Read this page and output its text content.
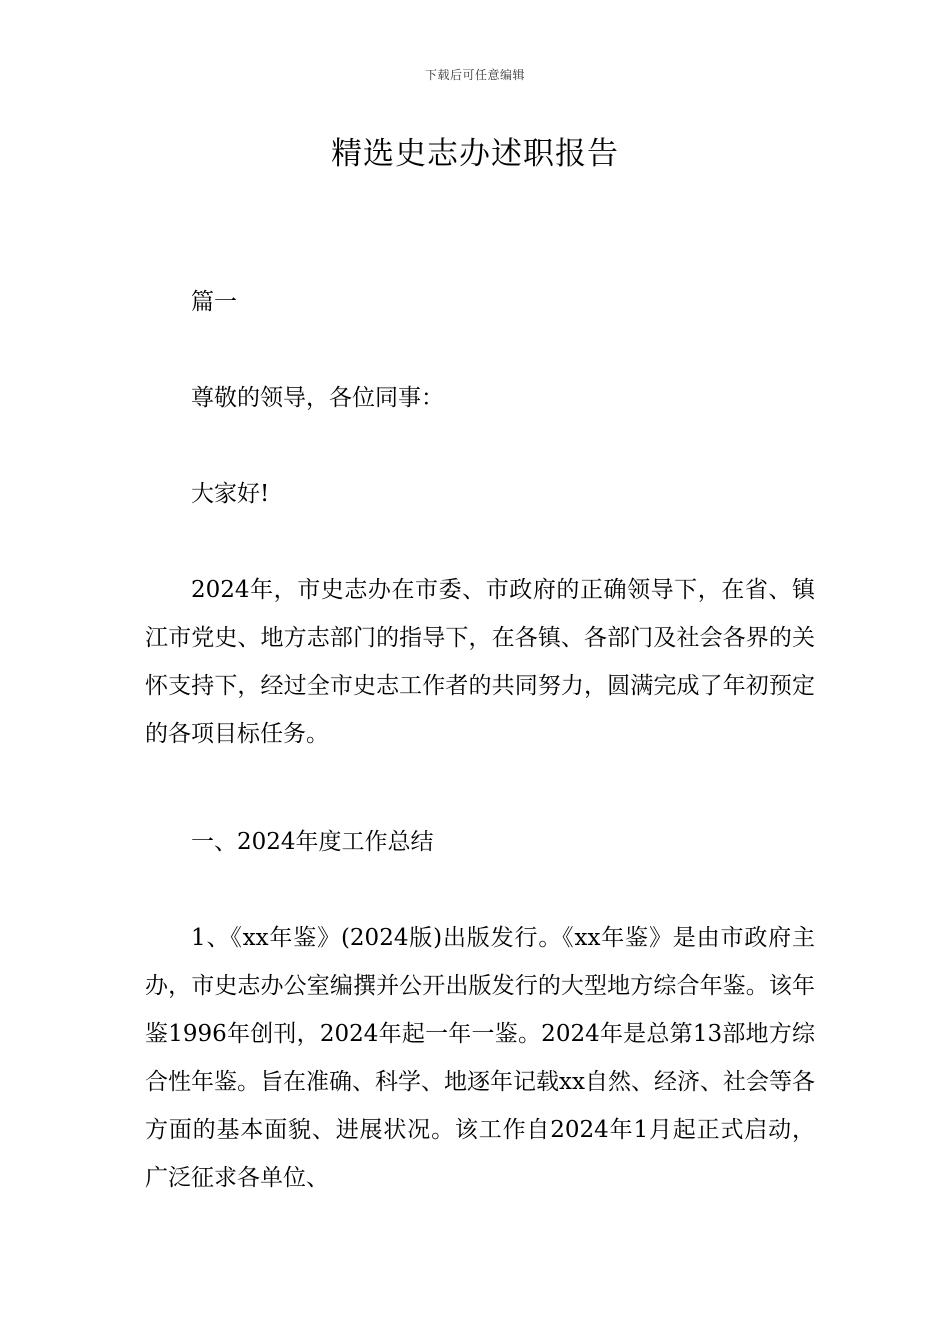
下载后可任意编辑
精选史志办述职报告

篇一

尊敬的领导，各位同事：

大家好!

2024年，市史志办在市委、市政府的正确领导下，在省、镇江市党史、地方志部门的指导下，在各镇、各部门及社会各界的关怀支持下，经过全市史志工作者的共同努力，圆满完成了年初预定的各项目标任务。

一、2024年度工作总结

1、《xx年鉴》(2024版)出版发行。《xx年鉴》是由市政府主办，市史志办公室编撰并公开出版发行的大型地方综合年鉴。该年鉴1996年创刊，2024年起一年一鉴。2024年是总第13部地方综合性年鉴。旨在准确、科学、地逐年记载xx自然、经济、社会等各方面的基本面貌、进展状况。该工作自2024年1月起正式启动，广泛征求各单位、
